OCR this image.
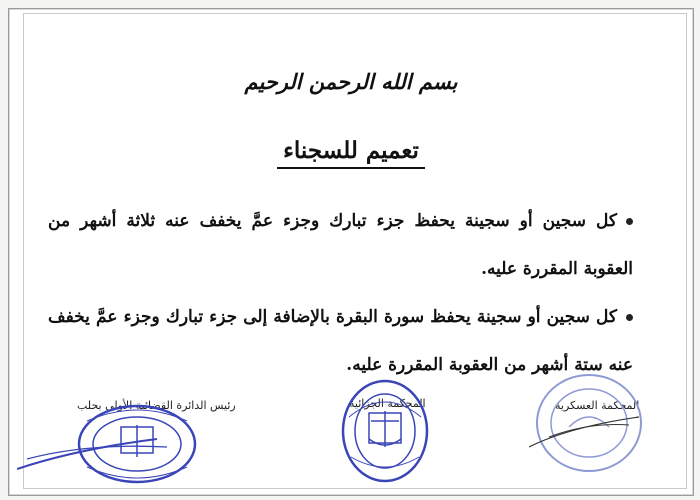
بسم الله الرحمن الرحيم
تعميم للسجناء
كل سجين أو سجينة يحفظ جزء تبارك وجزء عمَّ يخفف عنه ثلاثة أشهر من العقوبة المقررة عليه.
كل سجين أو سجينة يحفظ سورة البقرة بالإضافة إلى جزء تبارك وجزء عمَّ يخفف عنه ستة أشهر من العقوبة المقررة عليه.
المحكمة العسكرية
المحكمة الجزائية
رئيس الدائرة القضائية الأولى بحلب
